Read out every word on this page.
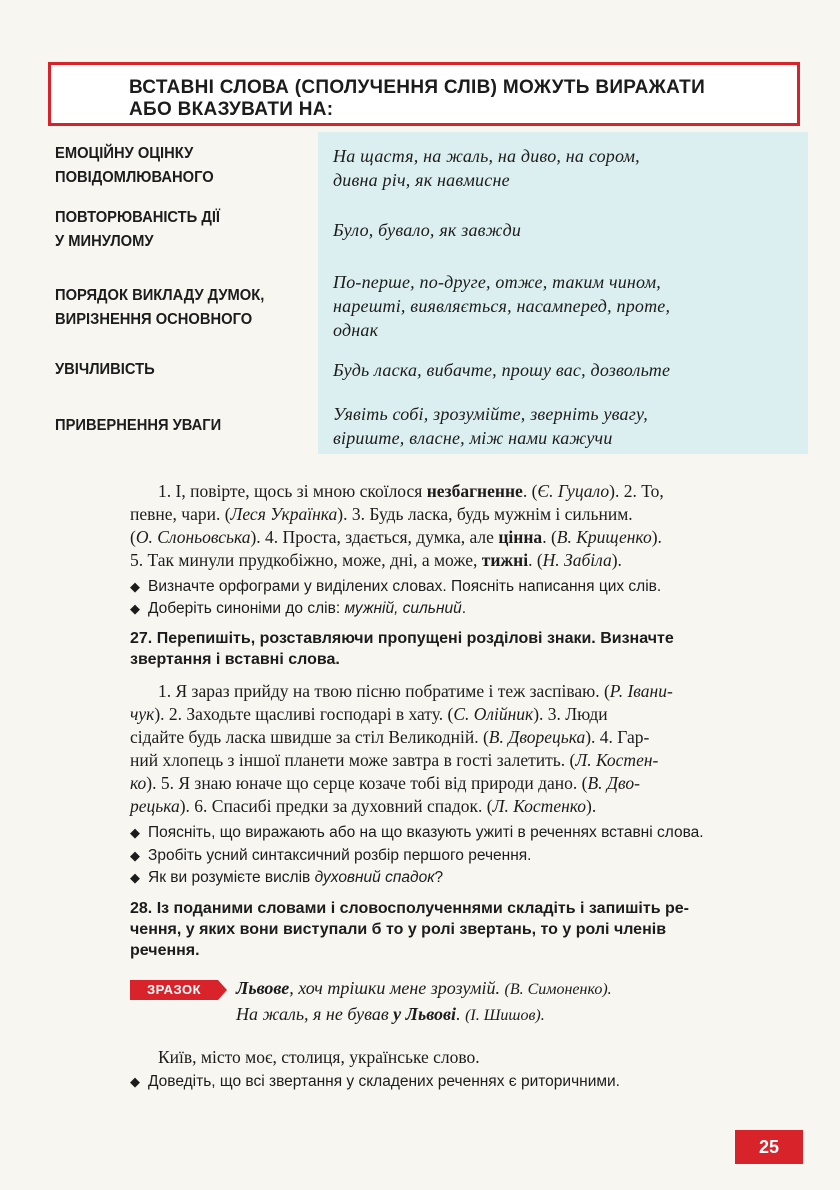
ВСТАВНІ СЛОВА (СПОЛУЧЕННЯ СЛІВ) МОЖУТЬ ВИРАЖАТИ
АБО ВКАЗУВАТИ НА:
ЕМОЦІЙНУ ОЦІНКУ
ПОВІДОМЛЮВАНОГО
На щастя, на жаль, на диво, на сором,
дивна річ, як навмисне
ПОВТОРЮВАНІСТЬ ДІЇ
У МИНУЛОМУ
Було, бувало, як завжди
ПОРЯДОК ВИКЛАДУ ДУМОК,
ВИРІЗНЕННЯ ОСНОВНОГО
По-перше, по-друге, отже, таким чином,
нарешті, виявляється, насамперед, проте,
однак
УВІЧЛИВІСТЬ	Будь ласка, вибачте, прошу вас, дозвольте
ПРИВЕРНЕННЯ УВАГИ
Уявіть собі, зрозумійте, зверніть увагу,
віриште, власне, між нами кажучи
1. І, повірте, щось зі мною скоїлося незбагненне. (Є. Гуцало). 2. То,
певне, чари. (Леся Українка). 3. Будь ласка, будь мужнім і сильним.
(О. Слоньовська). 4. Проста, здається, думка, але цінна. (В. Крищенко).
5. Так минули прудкобіжно, може, дні, а може, тижні. (Н. Забіла).
◆ Визначте орфограми у виділених словах. Поясніть написання цих слів.
◆ Доберіть синоніми до слів: мужній, сильний.
27. Перепишіть, розставляючи пропущені розділові знаки. Визначте
звертання і вставні слова.
1. Я зараз прийду на твою пісню побратиме і теж заспіваю. (Р. Івани-
чук). 2. Заходьте щасливі господарі в хату. (С. Олійник). 3. Люди
сідайте будь ласка швидше за стіл Великодній. (В. Дворецька). 4. Гар-
ний хлопець з іншої планети може завтра в гості залетить. (Л. Костен-
ко). 5. Я знаю юначе що серце козаче тобі від природи дано. (В. Дво-
рецька). 6. Спасибі предки за духовний спадок. (Л. Костенко).
◆ Поясніть, що виражають або на що вказують ужиті в реченнях вставні слова.
◆ Зробіть усний синтаксичний розбір першого речення.
◆ Як ви розумієте вислів духовний спадок?
28. Із поданими словами і словосполученнями складіть і запишіть ре-
чення, у яких вони виступали б то у ролі звертань, то у ролі членів
речення.
ЗРАЗОК	Львове, хоч трішки мене зрозумій. (В. Симоненко).
На жаль, я не бував у Львові. (І. Шишов).
Київ, місто моє, столиця, українське слово.
◆ Доведіть, що всі звертання у складених реченнях є риторичними.
25
